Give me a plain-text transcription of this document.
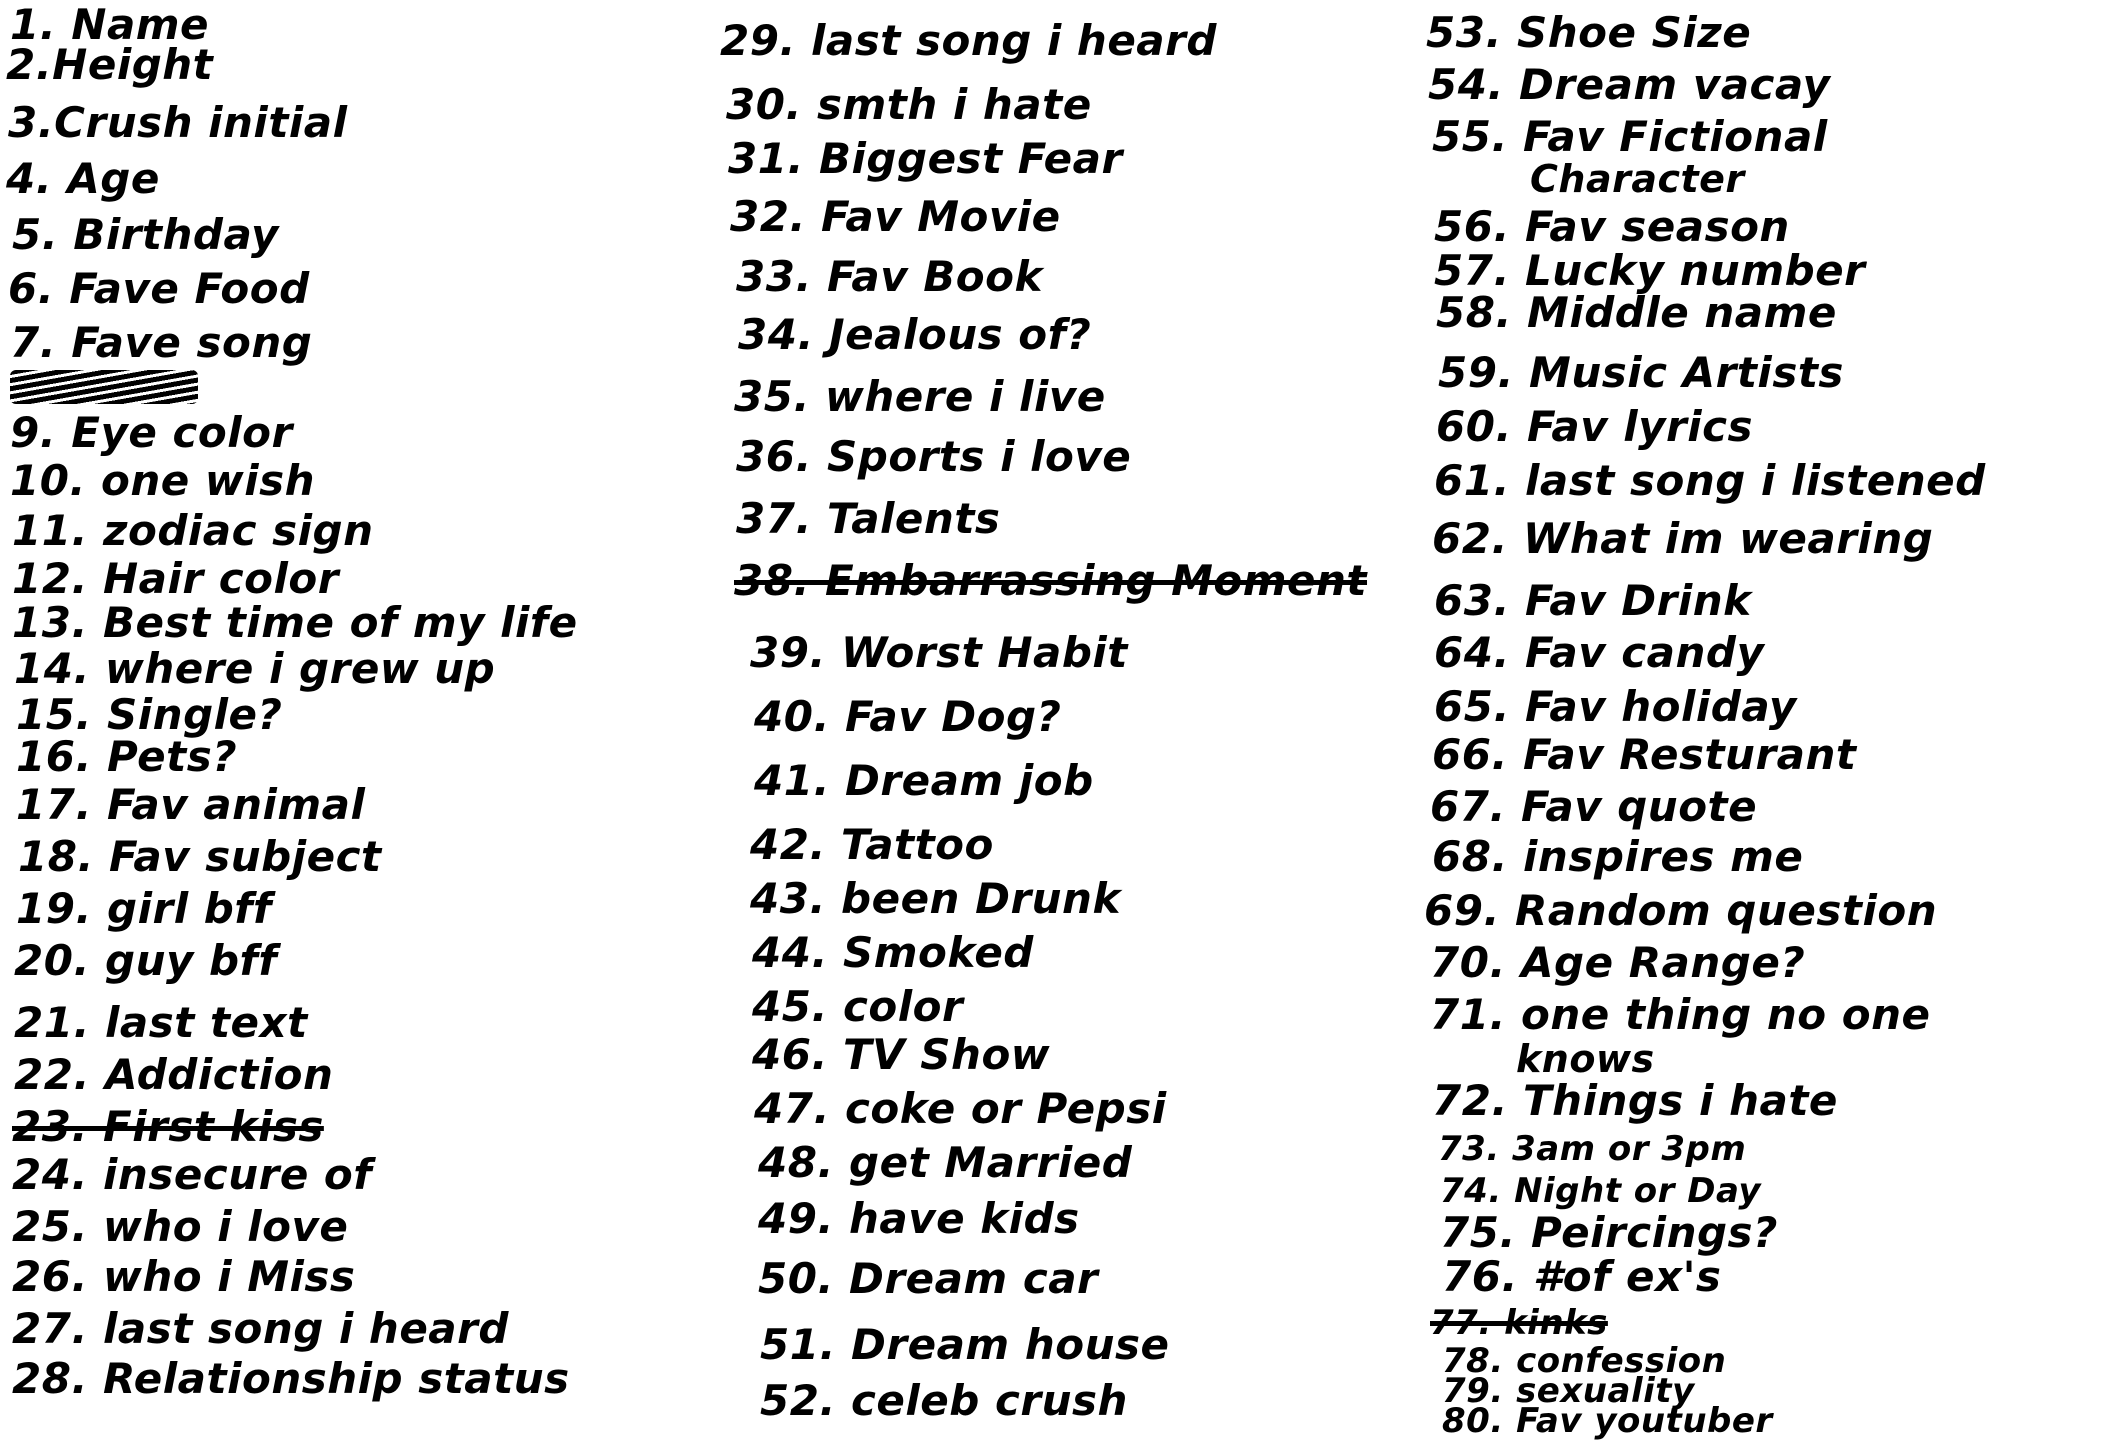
1. Name
2.Height
3.Crush initial
4. Age
5. Birthday
6. Fave Food
7. Fave song
9. Eye color
10. one wish
11. zodiac sign
12. Hair color
13. Best time of my life
14. where i grew up
15. Single?
16. Pets?
17. Fav animal
18. Fav subject
19. girl bff
20. guy bff
21. last text
22. Addiction
23. First kiss
24. insecure of
25. who i love
26. who i Miss
27. last song i heard
28. Relationship status
29. last song i heard
30. smth i hate
31. Biggest Fear
32. Fav Movie
33. Fav Book
34. Jealous of?
35. where i live
36. Sports i love
37. Talents
38. Embarrassing Moment
39. Worst Habit
40. Fav Dog?
41. Dream job
42. Tattoo
43. been Drunk
44. Smoked
45. color
46. TV Show
47. coke or Pepsi
48. get Married
49. have kids
50. Dream car
51. Dream house
52. celeb crush
53. Shoe Size
54. Dream vacay
55. Fav Fictional
Character
56. Fav season
57. Lucky number
58. Middle name
59. Music Artists
60. Fav lyrics
61. last song i listened
62. What im wearing
63. Fav Drink
64. Fav candy
65. Fav holiday
66. Fav Resturant
67. Fav quote
68. inspires me
69. Random question
70. Age Range?
71. one thing no one
knows
72. Things i hate
73. 3am or 3pm
74. Night or Day
75. Peircings?
76. #of ex's
77. kinks
78. confession
79. sexuality
80. Fav youtuber
